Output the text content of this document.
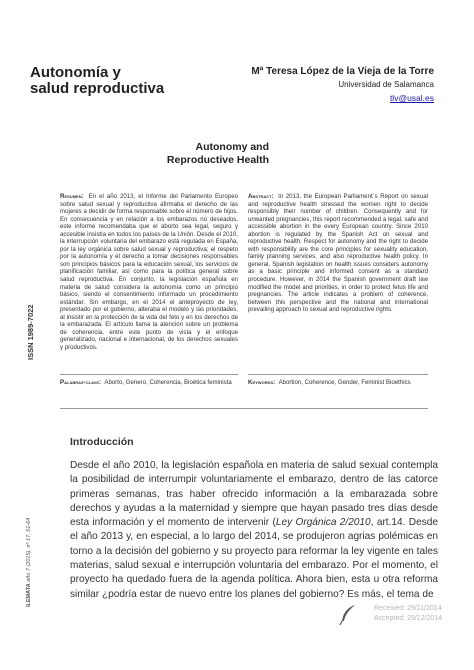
Autonomía y
salud reproductiva
Mª Teresa López de la Vieja de la Torre
Universidad de Salamanca
tlv@usal.es
Autonomy and
Reproductive Health
Resumen: En el año 2013, el Informe del Parlamento Europeo sobre salud sexual y reproductiva afirmaba el derecho de las mujeres a decidir de forma responsable sobre el número de hijos. En consecuencia y en relación a los embarazos no deseados, este informe recomendaba que el aborto sea legal, seguro y accesible insistía en todos los países de la Unión. Desde el 2010, la interrupción voluntaria del embarazo está regulada en España, por la ley orgánica sobre salud sexual y reproductiva; el respeto por la autonomía y el derecho a tomar decisiones responsables son principios básicos para la educación sexual, los servicios de planificación familiar, así como para la política general sobre salud reproductiva. En conjunto, la legislación española en materia de salud considera la autonomía como un principio básico, siendo el consentimiento informado un procedimiento estándar. Sin embargo, en el 2014 el anteproyecto de ley, presentado por el gobierno, alteraba el modelo y las prioridades, al insistir en la protección de la vida del feto y en los derechos de la embarazada. El artículo llama la atención sobre un problema de coherencia, entre este punto de vista y el enfoque generalizado, nacional e internacional, de los derechos sexuales y productivos.
Abstract: In 2013, the European Parliament´s Report on sexual and reproductive health stressed the women right to decide responsibly their number of children. Consequently and for unwanted pregnancies, this report recommended a legal, safe and accessible abortion in the every European country. Since 2010 abortion is regulated by the Spanish Act on sexual and reproductive health. Respect for autonomy and the right to decide with responsibility are the core principles for sexuality education, family planning services, and also reproductive health policy. In general, Spanish legislation on health issues considers autonomy as a basic principle and informed consent as a standard procedure. However, in 2014 the Spanish government draft law modified the model and priorities, in order to protect fetus life and pregnancies. The article indicates a problem of coherence, between this perspective and the national and international prevailing approach to sexual and reproductive rights.
Palabras-clave: Aborto, Genero, Coherencia, Bioética feminista	Keywords: Abortion, Coherence, Gender, Feminist Bioethics
ISSN 1989-7022
ILEMATA año 7 (2015), nº 17, 51-64
Introducción
Desde el año 2010, la legislación española en materia de salud sexual contempla la posibilidad de interrumpir voluntariamente el embarazo, dentro de las catorce primeras semanas, tras haber ofrecido información a la embarazada sobre derechos y ayudas a la maternidad y siempre que hayan pasado tres días desde esta información y el momento de intervenir (Ley Orgánica 2/2010, art.14. Desde el año 2013 y, en especial, a lo largo del 2014, se produjeron agrias polémicas en torno a la decisión del gobierno y su proyecto para reformar la ley vigente en tales materias, salud sexual e interrupción voluntaria del embarazo. Por el momento, el proyecto ha quedado fuera de la agenda política. Ahora bien, esta u otra reforma similar ¿podría estar de nuevo entre los planes del gobierno? Es más, el tema de
Received: 29/11/2014
Accepted: 29/12/2014
